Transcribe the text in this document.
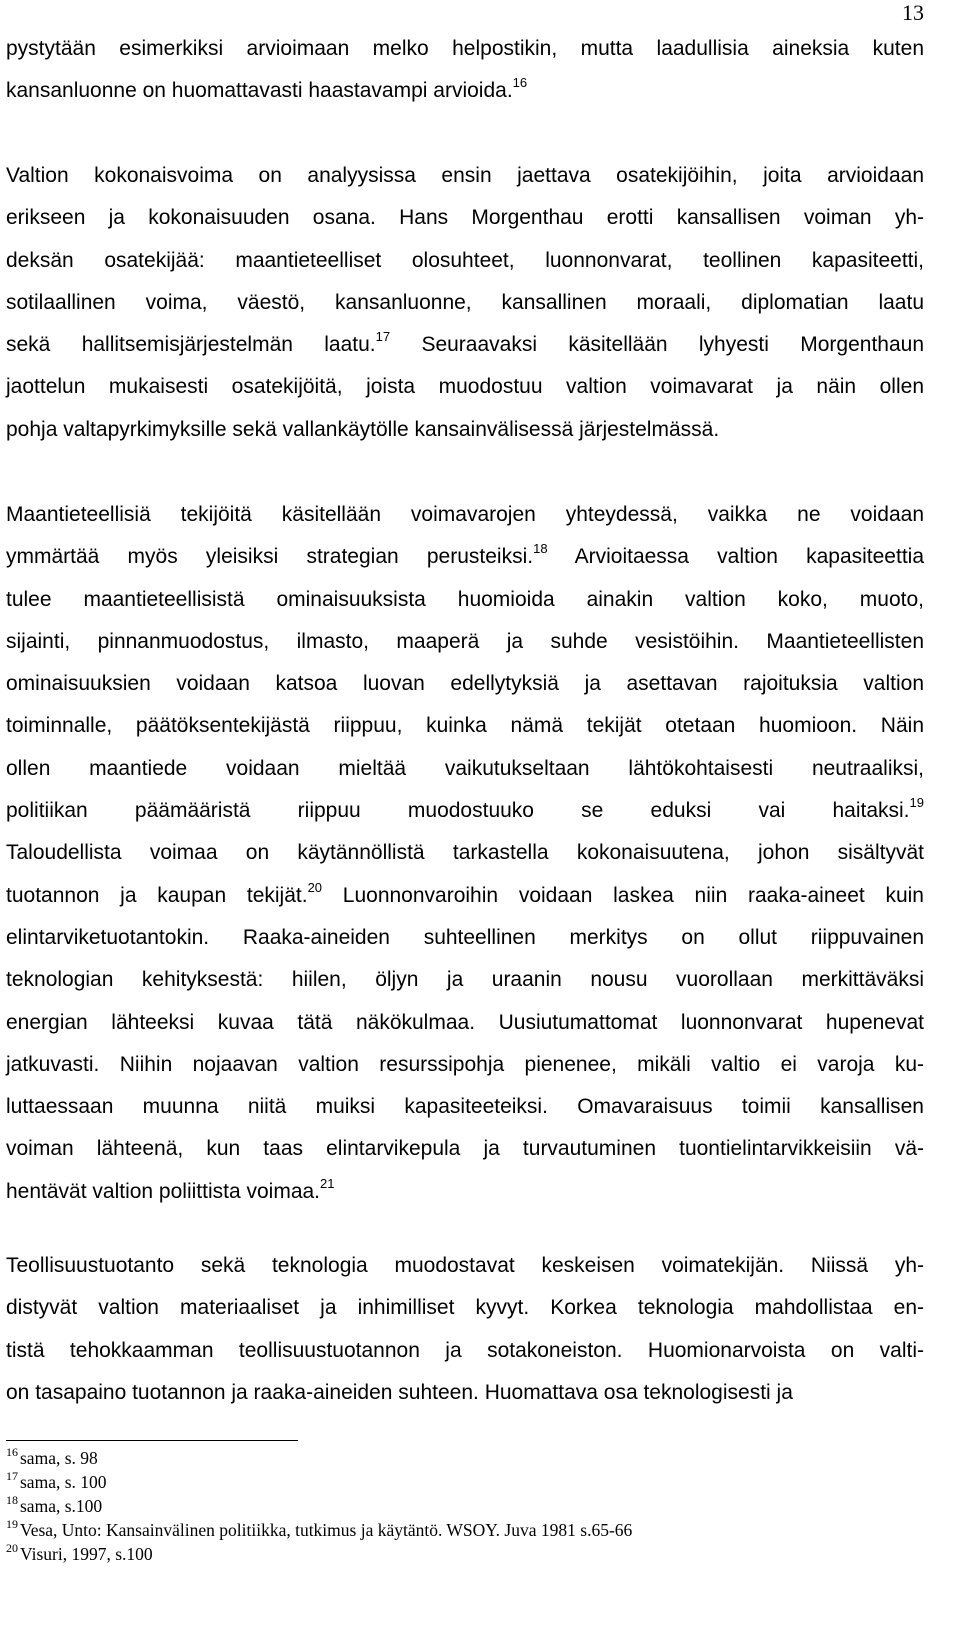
13
pystytään esimerkiksi arvioimaan melko helpostikin, mutta laadullisia aineksia kuten
kansanluonne on huomattavasti haastavampi arvioida.$^{16}$
Valtion kokonaisvoima on analyysissa ensin jaettava osatekijöihin, joita arvioidaan
erikseen ja kokonaisuuden osana. Hans Morgenthau erotti kansallisen voiman yh-
deksän osatekijää: maantieteelliset olosuhteet, luonnonvarat, teollinen kapasiteetti,
sotilaallinen voima, väestö, kansanluonne, kansallinen moraali, diplomatian laatu
sekä hallitsemisjärjestelmän laatu.$^{17}$ Seuraavaksi käsitellään lyhyesti Morgenthaun
jaottelun mukaisesti osatekijöitä, joista muodostuu valtion voimavarat ja näin ollen
pohja valtapyrkimyksille sekä vallankäytölle kansainvälisessä järjestelmässä.
Maantieteellisiä tekijöitä käsitellään voimavarojen yhteydessä, vaikka ne voidaan
ymmärtää myös yleisiksi strategian perusteiksi.$^{18}$ Arvioitaessa valtion kapasiteettia
tulee maantieteellisistä ominaisuuksista huomioida ainakin valtion koko, muoto,
sijainti, pinnanmuodostus, ilmasto, maaperä ja suhde vesistöihin. Maantieteellisten
ominaisuuksien voidaan katsoa luovan edellytyksiä ja asettavan rajoituksia valtion
toiminnalle, päätöksentekijästä riippuu, kuinka nämä tekijät otetaan huomioon. Näin
ollen maantiede voidaan mieltää vaikutukseltaan lähtökohtaisesti neutraaliksi,
politiikan päämääristä riippuu muodostuuko se eduksi vai haitaksi.$^{19}$
Taloudellista voimaa on käytännöllistä tarkastella kokonaisuutena, johon sisältyvät
tuotannon ja kaupan tekijät.$^{20}$ Luonnonvaroihin voidaan laskea niin raaka-aineet kuin
elintarviketuotantokin. Raaka-aineiden suhteellinen merkitys on ollut riippuvainen
teknologian kehityksestä: hiilen, öljyn ja uraanin nousu vuorollaan merkittäväksi
energian lähteeksi kuvaa tätä näkökulmaa. Uusiutumattomat luonnonvarat hupenevat
jatkuvasti. Niihin nojaavan valtion resurssipohja pienenee, mikäli valtio ei varoja ku-
luttaessaan muunna niitä muiksi kapasiteeteiksi. Omavaraisuus toimii kansallisen
voiman lähteenä, kun taas elintarvikepula ja turvautuminen tuontielintarvikkeisiin vä-
hentävät valtion poliittista voimaa.$^{21}$
Teollisuustuotanto sekä teknologia muodostavat keskeisen voimatekijän. Niissä yh-
distyvät valtion materiaaliset ja inhimilliset kyvyt. Korkea teknologia mahdollistaa en-
tistä tehokkaamman teollisuustuotannon ja sotakoneiston. Huomionarvoista on valti-
on tasapaino tuotannon ja raaka-aineiden suhteen. Huomattava osa teknologisesti ja
$^{16}$ sama, s. 98
$^{17}$ sama, s. 100
$^{18}$ sama, s.100
$^{19}$ Vesa, Unto: Kansainvälinen politiikka, tutkimus ja käytäntö. WSOY. Juva 1981 s.65-66
$^{20}$ Visuri, 1997, s.100
